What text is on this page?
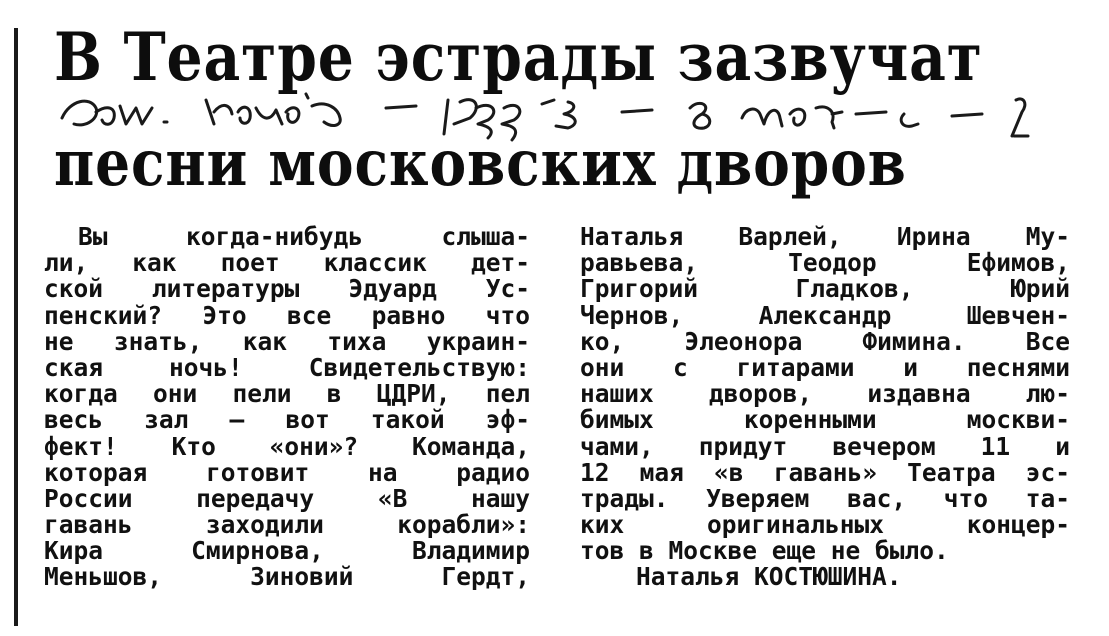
В Театре эстрады зазвучат
песни московских дворов
Вы когда-нибудь слыша-
ли, как поет классик дет-
ской литературы Эдуард Ус-
пенский? Это все равно что
не знать, как тиха украин-
ская ночь! Свидетельствую:
когда они пели в ЦДРИ, пел
весь зал — вот такой эф-
фект! Кто «они»? Команда,
которая готовит на радио
России передачу «В нашу
гавань заходили корабли»:
Кира Смирнова, Владимир
Меньшов, Зиновий Гердт,
Наталья Варлей, Ирина Му-
равьева, Теодор Ефимов,
Григорий Гладков, Юрий
Чернов, Александр Шевчен-
ко, Элеонора Фимина. Все
они с гитарами и песнями
наших дворов, издавна лю-
бимых коренными москви-
чами, придут вечером 11 и
12 мая «в гавань» Театра эс-
трады. Уверяем вас, что та-
ких оригинальных концер-
тов в Москве еще не было.
Наталья КОСТЮШИНА.
